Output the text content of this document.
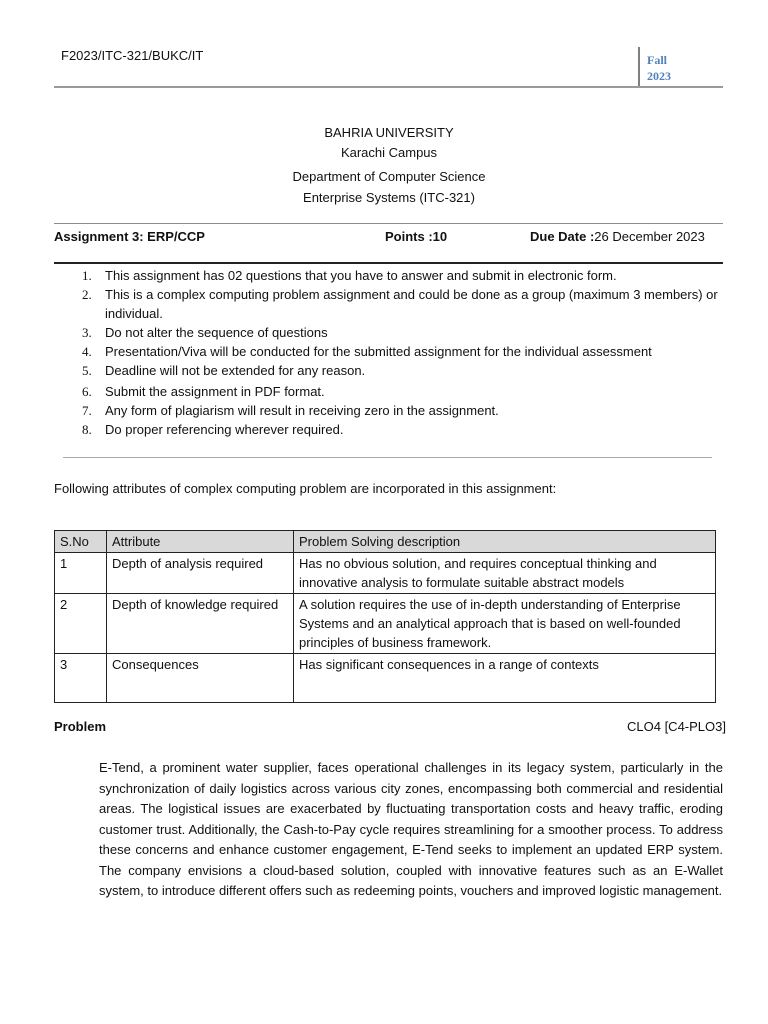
F2023/ITC-321/BUKC/IT	Fall
2023
BAHRIA UNIVERSITY
Karachi Campus
Department of Computer Science
Enterprise Systems (ITC-321)
Assignment 3: ERP/CCP	Points :10	Due Date :26 December 2023
1. This assignment has 02 questions that you have to answer and submit in electronic form.
2. This is a complex computing problem assignment and could be done as a group (maximum 3 members) or individual.
3. Do not alter the sequence of questions
4. Presentation/Viva will be conducted for the submitted assignment for the individual assessment
5. Deadline will not be extended for any reason.
6. Submit the assignment in PDF format.
7. Any form of plagiarism will result in receiving zero in the assignment.
8. Do proper referencing wherever required.
Following attributes of complex computing problem are incorporated in this assignment:
S.No	Attribute	Problem Solving description
1	Depth of analysis required	Has no obvious solution, and requires conceptual thinking and innovative analysis to formulate suitable abstract models
2	Depth of knowledge required	A solution requires the use of in-depth understanding of Enterprise Systems and an analytical approach that is based on well-founded principles of business framework.
3	Consequences	Has significant consequences in a range of contexts
Problem	CLO4 [C4-PLO3]
E-Tend, a prominent water supplier, faces operational challenges in its legacy system, particularly in the synchronization of daily logistics across various city zones, encompassing both commercial and residential areas. The logistical issues are exacerbated by fluctuating transportation costs and heavy traffic, eroding customer trust. Additionally, the Cash-to-Pay cycle requires streamlining for a smoother process. To address these concerns and enhance customer engagement, E-Tend seeks to implement an updated ERP system. The company envisions a cloud-based solution, coupled with innovative features such as an E-Wallet system, to introduce different offers such as redeeming points, vouchers and improved logistic management.
